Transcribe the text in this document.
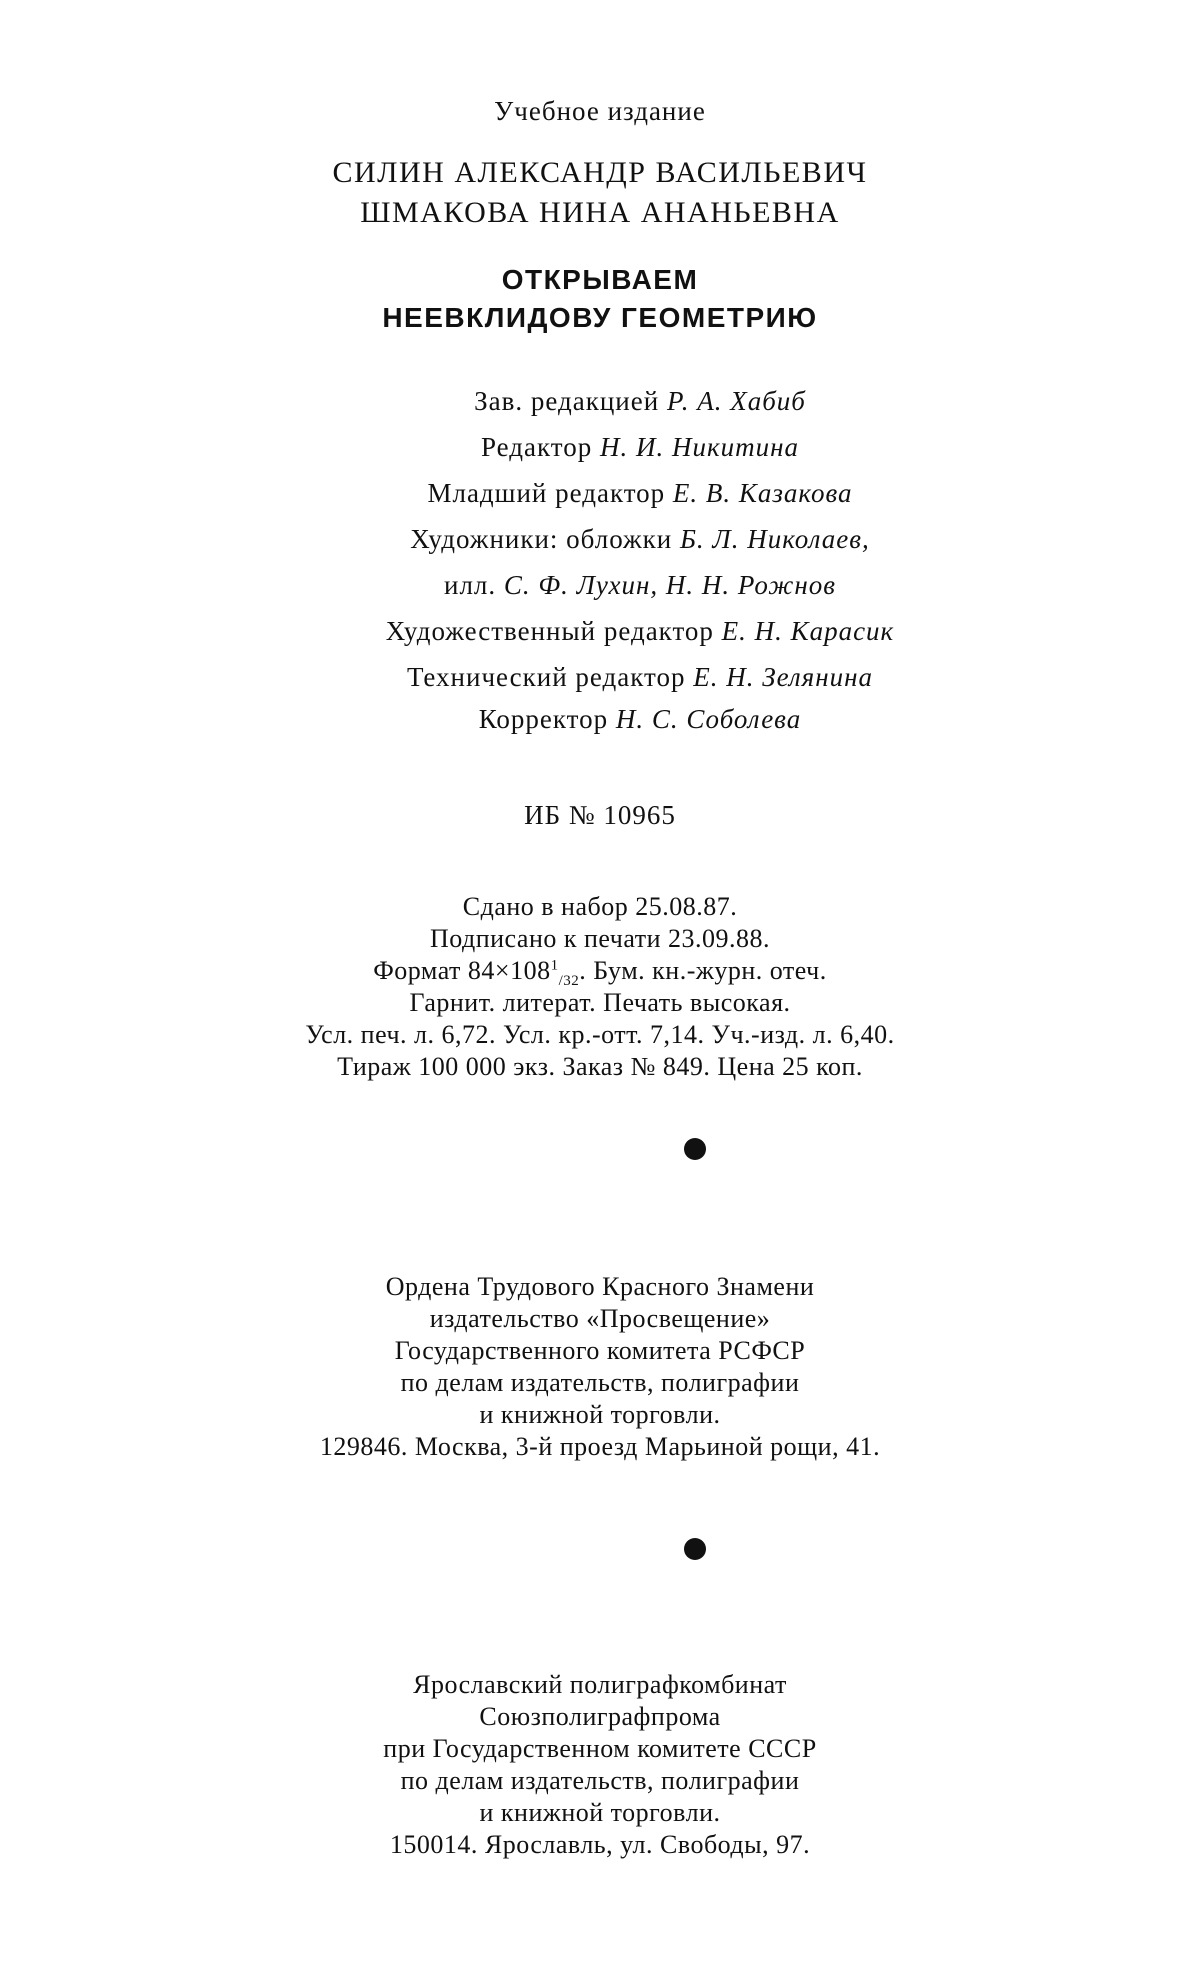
Учебное издание
СИЛИН АЛЕКСАНДР ВАСИЛЬЕВИЧ
ШМАКОВА НИНА АНАНЬЕВНА
ОТКРЫВАЕМ
НЕЕВКЛИДОВУ ГЕОМЕТРИЮ
Зав. редакцией Р. А. Хабиб
Редактор Н. И. Никитина
Младший редактор Е. В. Казакова
Художники: обложки Б. Л. Николаев,
илл. С. Ф. Лухин, Н. Н. Рожнов
Художественный редактор Е. Н. Карасик
Технический редактор Е. Н. Зелянина
Корректор Н. С. Соболева
ИБ № 10965
Сдано в набор 25.08.87.
Подписано к печати 23.09.88.
Формат $84\times 108^1_{/32}$. Бум. кн.-журн. отеч.
Гарнит. литерат. Печать высокая.
Усл. печ. л. 6,72. Усл. кр.-отт. 7,14. Уч.-изд. л. 6,40.
Тираж 100 000 экз. Заказ № 849. Цена 25 коп.
Ордена Трудового Красного Знамени
издательство «Просвещение»
Государственного комитета РСФСР
по делам издательств, полиграфии
и книжной торговли.
129846. Москва, 3-й проезд Марьиной рощи, 41.
Ярославский полиграфкомбинат
Союзполиграфпрома
при Государственном комитете СССР
по делам издательств, полиграфии
и книжной торговли.
150014. Ярославль, ул. Свободы, 97.
